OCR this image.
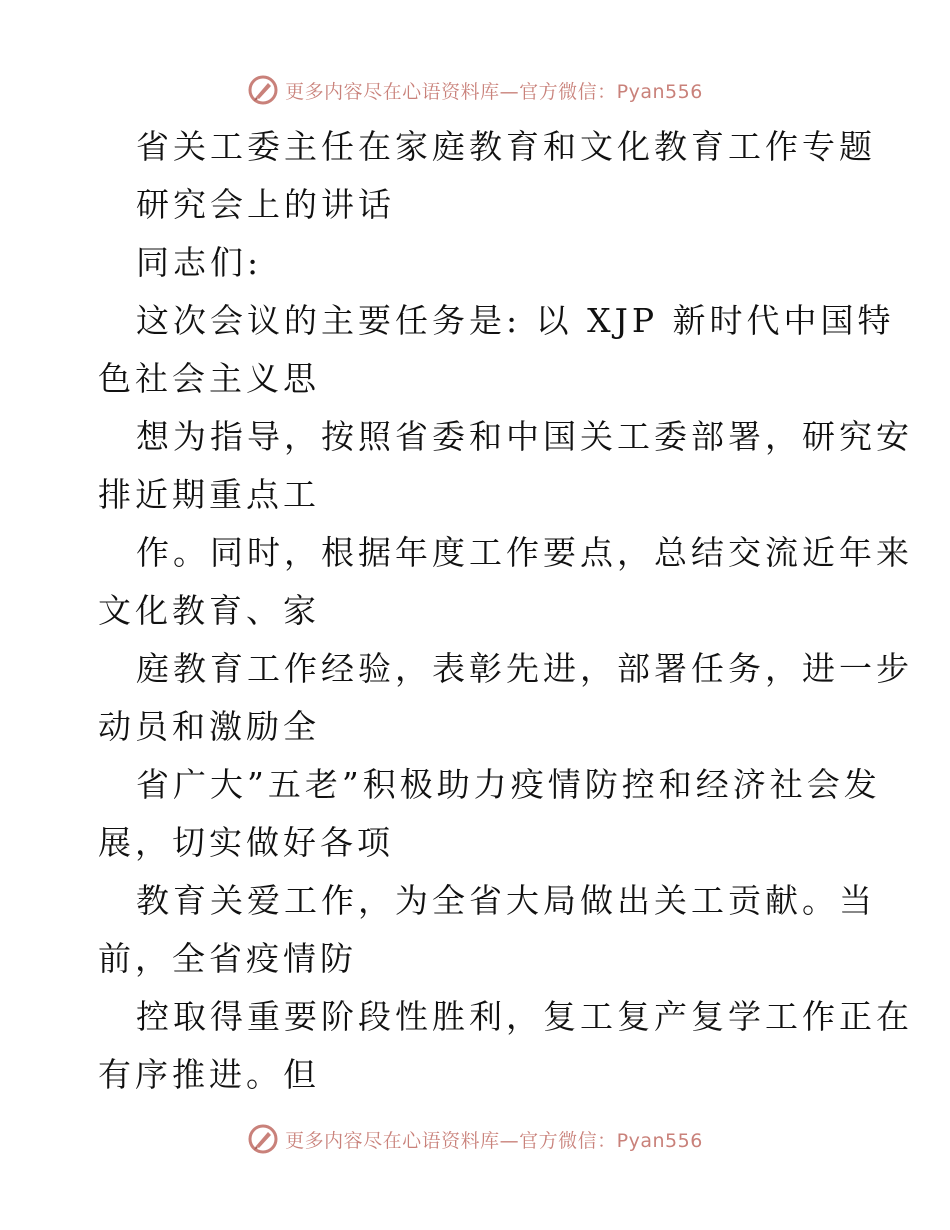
更多内容尽在心语资料库—官方微信：Pyan556
省关工委主任在家庭教育和文化教育工作专题
研究会上的讲话
同志们:
这次会议的主要任务是: 以 XJP 新时代中国特
色社会主义思
想为指导，按照省委和中国关工委部署，研究安
排近期重点工
作。同时，根据年度工作要点，总结交流近年来
文化教育、家
庭教育工作经验，表彰先进，部署任务，进一步
动员和激励全
省广大”五老”积极助力疫情防控和经济社会发
展，切实做好各项
教育关爱工作，为全省大局做出关工贡献。当
前，全省疫情防
控取得重要阶段性胜利，复工复产复学工作正在
有序推进。但
更多内容尽在心语资料库—官方微信：Pyan556
